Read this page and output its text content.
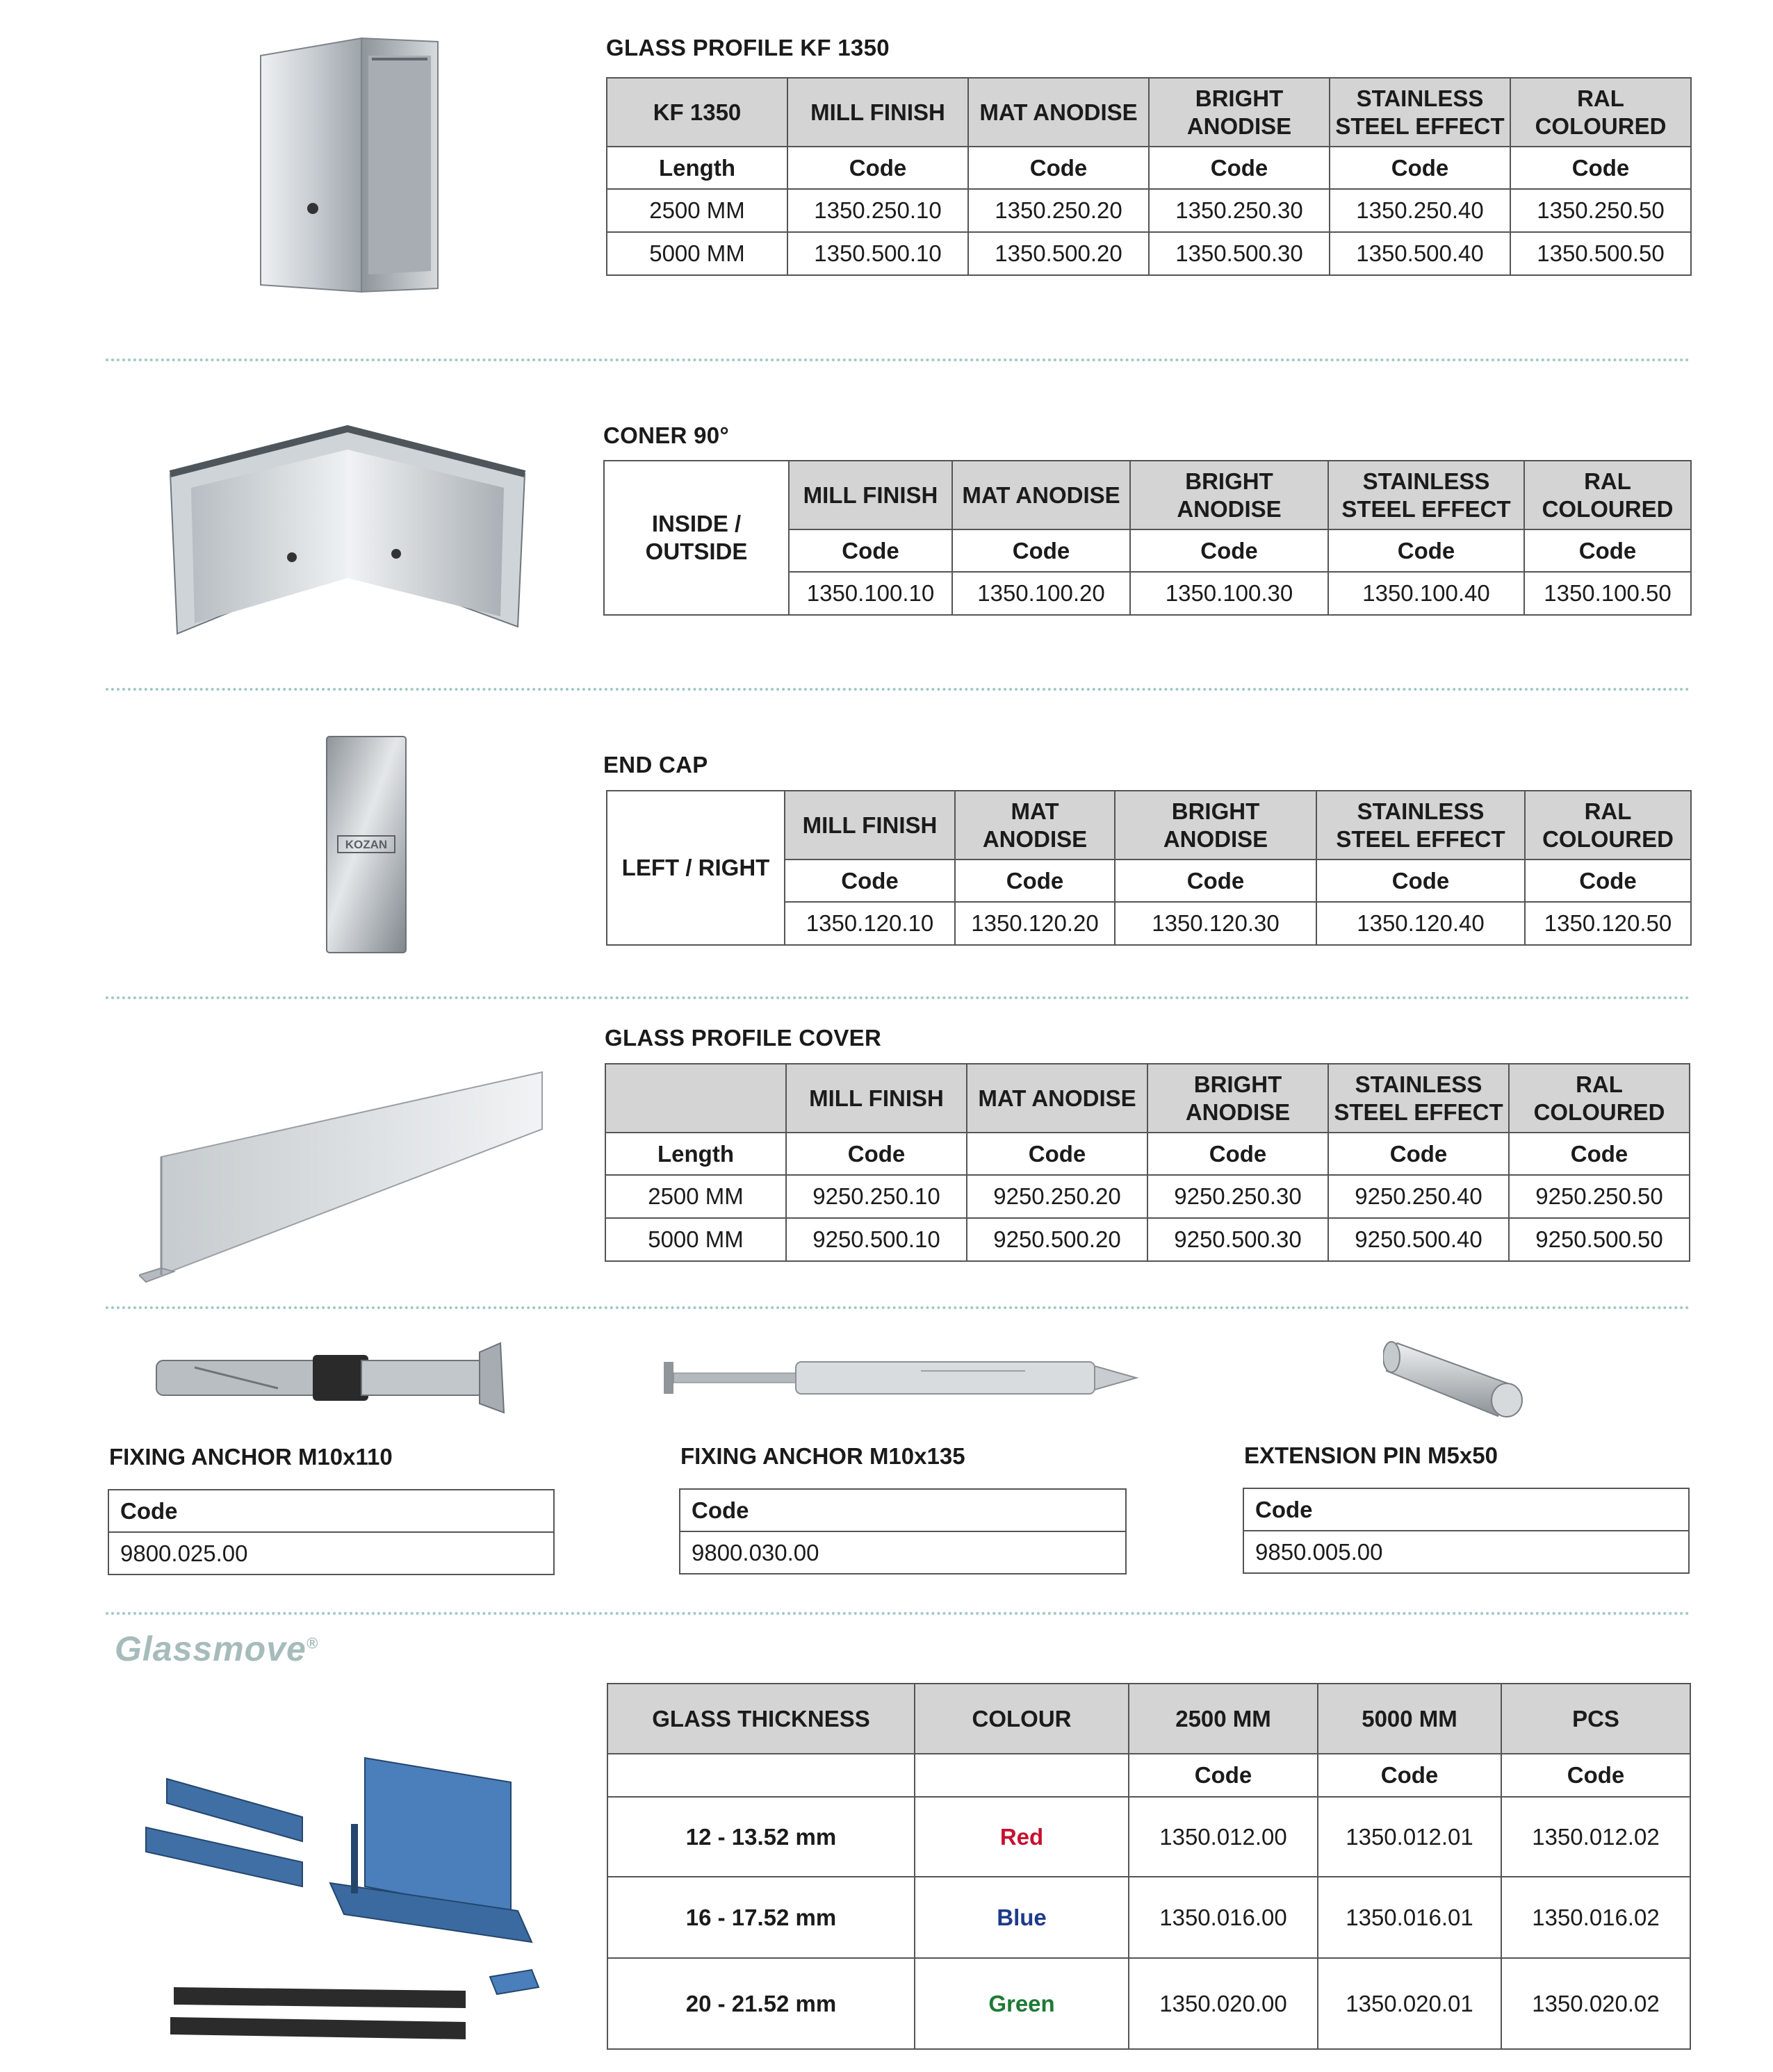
GLASS PROFILE KF 1350
KF 1350	MILL FINISH	MAT ANODISE	BRIGHT ANODISE	STAINLESS STEEL EFFECT	RAL COLOURED
Length	Code	Code	Code	Code	Code
2500 MM	1350.250.10	1350.250.20	1350.250.30	1350.250.40	1350.250.50
5000 MM	1350.500.10	1350.500.20	1350.500.30	1350.500.40	1350.500.50
CONER 90°
INSIDE / OUTSIDE	MILL FINISH	MAT ANODISE	BRIGHT ANODISE	STAINLESS STEEL EFFECT	RAL COLOURED
	Code	Code	Code	Code	Code
	1350.100.10	1350.100.20	1350.100.30	1350.100.40	1350.100.50
KOZAN
END CAP
LEFT / RIGHT	MILL FINISH	MAT ANODISE	BRIGHT ANODISE	STAINLESS STEEL EFFECT	RAL COLOURED
	Code	Code	Code	Code	Code
	1350.120.10	1350.120.20	1350.120.30	1350.120.40	1350.120.50
GLASS PROFILE COVER
	MILL FINISH	MAT ANODISE	BRIGHT ANODISE	STAINLESS STEEL EFFECT	RAL COLOURED
Length	Code	Code	Code	Code	Code
2500 MM	9250.250.10	9250.250.20	9250.250.30	9250.250.40	9250.250.50
5000 MM	9250.500.10	9250.500.20	9250.500.30	9250.500.40	9250.500.50
FIXING ANCHOR M10x110
Code
9800.025.00
FIXING ANCHOR M10x135
Code
9800.030.00
EXTENSION PIN M5x50
Code
9850.005.00
Glassmove®
GLASS THICKNESS	COLOUR	2500 MM	5000 MM	PCS
		Code	Code	Code
12 - 13.52 mm	Red	1350.012.00	1350.012.01	1350.012.02
16 - 17.52 mm	Blue	1350.016.00	1350.016.01	1350.016.02
20 - 21.52 mm	Green	1350.020.00	1350.020.01	1350.020.02
